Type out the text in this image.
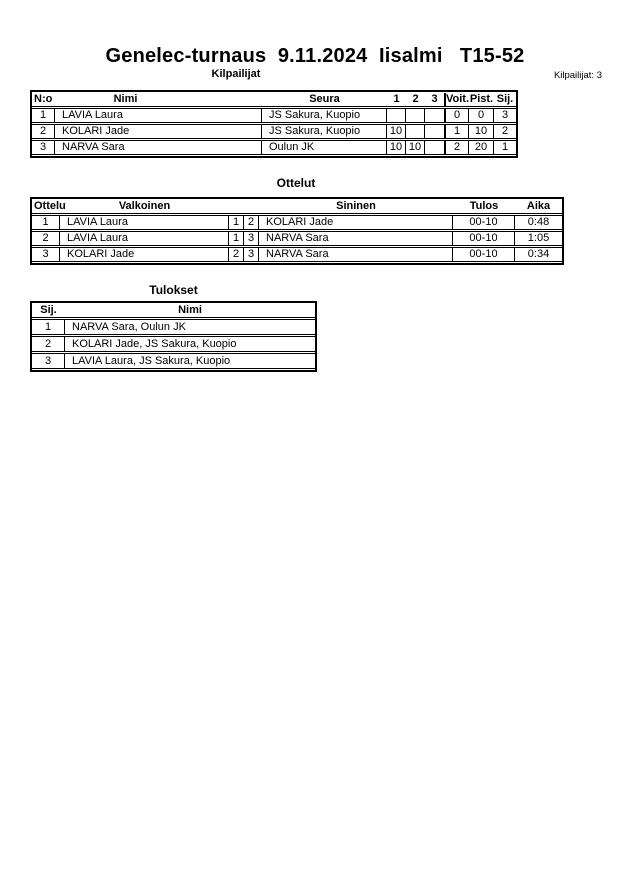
Genelec-turnaus  9.11.2024  Iisalmi   T15-52
Kilpailijat	Kilpailijat: 3
N:o	Nimi	Seura	1	2	3	Voit.	Pist.	Sij.
1	LAVIA Laura	JS Sakura, Kuopio				0	0	3
2	KOLARI Jade	JS Sakura, Kuopio	10			1	10	2
3	NARVA Sara	Oulun JK	10	10		2	20	1
Ottelut
Ottelu	Valkoinen			Sininen	Tulos	Aika
1	LAVIA Laura	1	2	KOLARI Jade	00-10	0:48
2	LAVIA Laura	1	3	NARVA Sara	00-10	1:05
3	KOLARI Jade	2	3	NARVA Sara	00-10	0:34
Tulokset
Sij.	Nimi
1	NARVA Sara, Oulun JK
2	KOLARI Jade, JS Sakura, Kuopio
3	LAVIA Laura, JS Sakura, Kuopio
